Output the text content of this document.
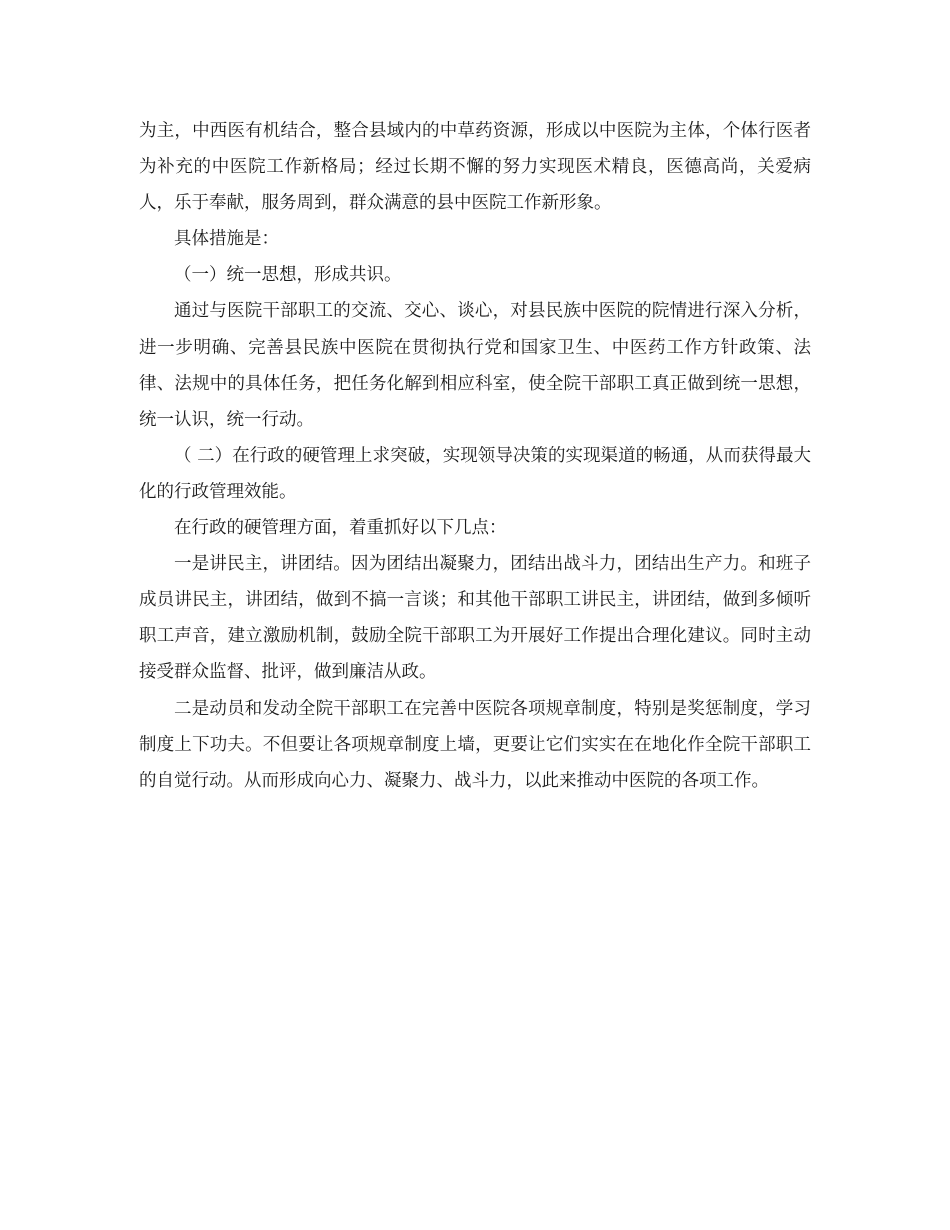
为主，中西医有机结合，整合县域内的中草药资源，形成以中医院为主体，个体行医者为补充的中医院工作新格局；经过长期不懈的努力实现医术精良，医德高尚，关爱病人，乐于奉献，服务周到，群众满意的县中医院工作新形象。

具体措施是：

（一）统一思想，形成共识。

通过与医院干部职工的交流、交心、谈心，对县民族中医院的院情进行深入分析，进一步明确、完善县民族中医院在贯彻执行党和国家卫生、中医药工作方针政策、法律、法规中的具体任务，把任务化解到相应科室，使全院干部职工真正做到统一思想，统一认识，统一行动。

（ 二）在行政的硬管理上求突破，实现领导决策的实现渠道的畅通，从而获得最大化的行政管理效能。

在行政的硬管理方面，着重抓好以下几点：

一是讲民主，讲团结。因为团结出凝聚力，团结出战斗力，团结出生产力。和班子成员讲民主，讲团结，做到不搞一言谈；和其他干部职工讲民主，讲团结，做到多倾听职工声音，建立激励机制，鼓励全院干部职工为开展好工作提出合理化建议。同时主动接受群众监督、批评，做到廉洁从政。

二是动员和发动全院干部职工在完善中医院各项规章制度，特别是奖惩制度，学习制度上下功夫。不但要让各项规章制度上墙，更要让它们实实在在地化作全院干部职工的自觉行动。从而形成向心力、凝聚力、战斗力，以此来推动中医院的各项工作。
